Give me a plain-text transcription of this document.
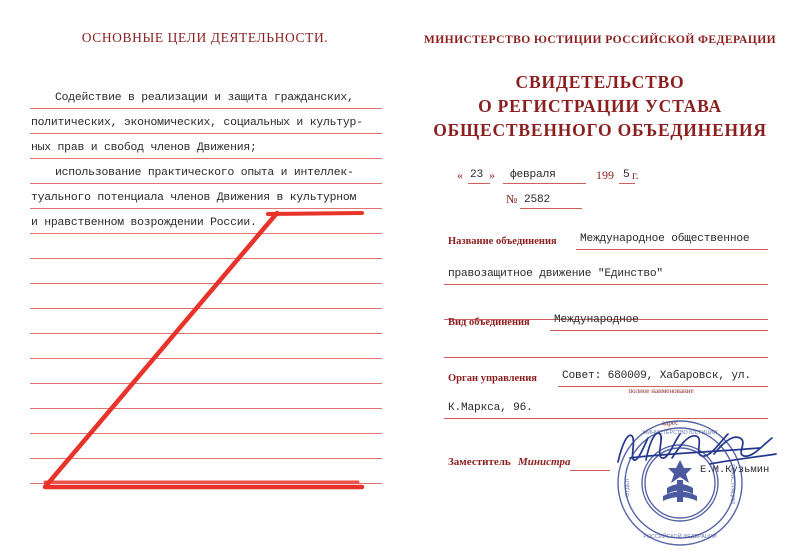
ОСНОВНЫЕ ЦЕЛИ ДЕЯТЕЛЬНОСТИ.
Содействие в реализации и защита гражданских,
политических, экономических, социальных и культур-
ных прав и свобод членов Движения;
использование практического опыта и интеллек-
туального потенциала членов Движения в культурном
и нравственном возрождении России.
МИНИСТЕРСТВО ЮСТИЦИИ РОССИЙСКОЙ ФЕДЕРАЦИИ
СВИДЕТЕЛЬСТВО
О РЕГИСТРАЦИИ УСТАВА
ОБЩЕСТВЕННОГО ОБЪЕДИНЕНИЯ
« 23 » февраля	199 5 г.
№ 2582
Название объединения Международное общественное
правозащитное движение "Единство"
Вид объединения Международное
Орган управления Совет: 680009, Хабаровск, ул.
полное наименование
К.Маркса, 96.
адрес
Заместитель Министра
Е.М.Кузьмин
МИНИСТЕРСТВО ЮСТИЦИИ
РОССИЙСКОЙ ФЕДЕРАЦИИ
ОТДЕЛ	РЕГИСТРАЦИИ
